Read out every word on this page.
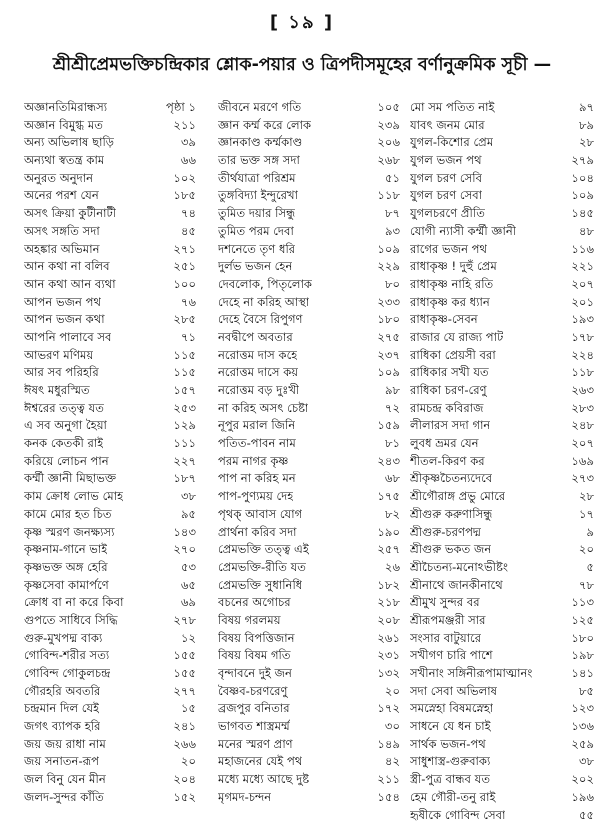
[ ১৯ ]
শ্রীশ্রীপ্রেমভক্তিচন্দ্রিকার শ্লোক-পয়ার ও ত্রিপদীসমূহের বর্ণানুক্রমিক সূচী —
অজ্ঞানতিমিরান্ধস্য	পৃষ্ঠা ১
অজ্ঞান বিমুগ্ধ মত	২১১
অন্য অভিলাষ ছাড়ি	৩৯
অন্যথা স্বতন্ত্র কাম	৬৬
অনুরত অনুদান	১০২
অনের পরশ যেন	১৮৫
অসৎ ক্রিয়া কুটীনাটী	৭৪
অসৎ সঙ্গতি সদা	৪৫
অহঙ্কার অভিমান	২৭১
আন কথা না বলিব	২৫১
আন কথা আন ব্যথা	১০০
আপন ভজন পথ	৭৬
আপন ভজন কথা	২৮৫
আপনি পালাবে সব	৭১
আভরণ মণিময়	১১৫
আর সব পরিহরি	১১৫
ঈষৎ মধুরস্মিত	১৫৭
ঈশ্বরের তত্ত্ব যত	২৫৩
এ সব অনুগা হৈয়া	১২৯
কনক কেতকী রাই	১১১
করিয়ে লোচন পান	২২৭
কর্ম্মী জ্ঞানী মিছাভক্ত	১৮৭
কাম ক্রোধ লোভ মোহ	৩৮
কামে মোর হত চিত	৯৫
কৃষ্ণ স্মরণ জনক্ষ্যস্য	১৪৩
কৃষ্ণনাম-গানে ভাই	২৭০
কৃষ্ণভক্ত অঙ্গ হেরি	৫৩
কৃষ্ণসেবা কামার্পণে	৬৫
ক্রোধ বা না করে কিবা	৬৯
গুপতে সাধিবে সিদ্ধি	২৭৮
গুরু-মুখপদ্ম বাক্য	১২
গোবিন্দ-শরীর সত্য	১৫৫
গোবিন্দ গোকুলচন্দ্র	১৫৫
গৌরহরি অবতরি	২৭৭
চন্দ্রমান দিল যেই	১৫
জগৎ ব্যাপক হরি	২৪১
জয় জয় রাধা নাম	২৬৬
জয় সনাতন-রূপ	২০
জল বিনু যেন মীন	২০৪
জলদ-সুন্দর কাঁতি	১৫২
জীবনে মরণে গতি	১০৫
জ্ঞান কর্ম্ম করে লোক	২৩৯
জ্ঞানকাণ্ড কর্ম্মকাণ্ড	২০৬
তার ভক্ত সঙ্গ সদা	২৬৮
তীর্থযাত্রা পরিশ্রম	৫১
তুঙ্গবিদ্যা ইন্দুরেখা	১১৮
তুমিত দয়ার সিন্ধু	৮৭
তুমিত পরম দেবা	৯৩
দশনেতে তৃণ ধরি	১০৯
দুর্লভ ভজন হেন	২২৯
দেবলোক, পিতৃলোক	৮০
দেহে না করিহ আস্থা	২৩৩
দেহে বৈসে রিপুগণ	১৮০
নবদ্বীপে অবতার	২৭৫
নরোত্তম দাস কহে	২৩৭
নরোত্তম দাসে কয়	১০৯
নরোত্তম বড় দুঃখী	৯৮
না করিহ অসৎ চেষ্টা	৭২
নূপুর মরাল জিনি	১৫৯
পতিত-পাবন নাম	৮১
পরম নাগর কৃষ্ণ	২৪৩
পাপ না করিহ মন	৬৮
পাপ-পুণ্যময় দেহ	১৭৫
পৃথক্ আবাস যোগ	৮২
প্রার্থনা করিব সদা	১৯০
প্রেমভক্তি তত্ত্ব এই	২৫৭
প্রেমভক্তি-রীতি যত	২৬
প্রেমভক্তি সুধানিধি	১৮২
বচনের অগোচর	২১৮
বিষয় গরলময়	২০৮
বিষয় বিপত্তিজান	২৬১
বিষয় বিষম গতি	২৩১
বৃন্দাবনে দুই জন	১৩২
বৈষ্ণব-চরণরেণু	২০
ব্রজপুর বনিতার	১৭২
ভাগবত শাস্ত্রমর্ম্ম	৩০
মনের স্মরণ প্রাণ	১৪৯
মহাজনের যেই পথ	৪২
মধ্যে মধ্যে আছে দুষ্ট	২১১
মৃগমদ-চন্দন	১৫৪
মো সম পতিত নাই	৯৭
যাবৎ জনম মোর	৮৯
যুগল-কিশোর প্রেম	২৮
যুগল ভজন পথ	২৭৯
যুগল চরণ সেবি	১০৪
যুগল চরণ সেবা	১০৯
যুগলচরণে প্রীতি	১৪৫
যোগী ন্যাসী কর্ম্মী জ্ঞানী	৪৮
রাগের ভজন পথ	১১৬
রাধাকৃষ্ণ ! দুহুঁ প্রেম	২২১
রাধাকৃষ্ণ নাহি রতি	২০৭
রাধাকৃষ্ণ কর ধ্যান	২০১
রাধাকৃষ্ণ-সেবন	১৯৩
রাজার যে রাজ্য পাট	১৭৮
রাধিকা প্রেয়সী বরা	২২৪
রাধিকার সখী যত	১১৮
রাধিকা চরণ-রেণু	২৬৩
রামচন্দ্র কবিরাজ	২৮৩
লীলারস সদা গান	২৪৮
লুবধ ভ্রমর যেন	২০৭
শীতল-কিরণ কর	১৬৯
শ্রীকৃষ্ণচৈতন্যদেবে	২৭৩
শ্রীগৌরাঙ্গ প্রভু মোরে	২৮
শ্রীগুরু করুণাসিন্ধু	১৭
শ্রীগুরু-চরণপদ্ম	৯
শ্রীগুরু ভকত জন	২০
শ্রীচৈতন্য-মনোঽভীষ্টং	৫
শ্রীনাথে জানকীনাথে	৭৮
শ্রীমুখ সুন্দর বর	১১৩
শ্রীরূপমঞ্জরী সার	১২৫
সংসার বাটুয়ারে	১৮০
সখীগণ চারি পাশে	১৯৮
সখীনাং সঙ্গিনীরূপামাত্মানং	১৪১
সদা সেবা অভিলাষ	৮৫
সমস্নেহা বিষমস্নেহা	১২৩
সাধনে যে ধন চাই	১৩৬
সার্থক ভজন-পথ	২৫৯
সাধুশাস্ত্র-গুরুবাক্য	৩৮
স্ত্রী-পুত্র বান্ধব যত	২০২
হেম গৌরী-তনু রাই	১৯৬
হৃষীকে গোবিন্দ সেবা	৫৫
